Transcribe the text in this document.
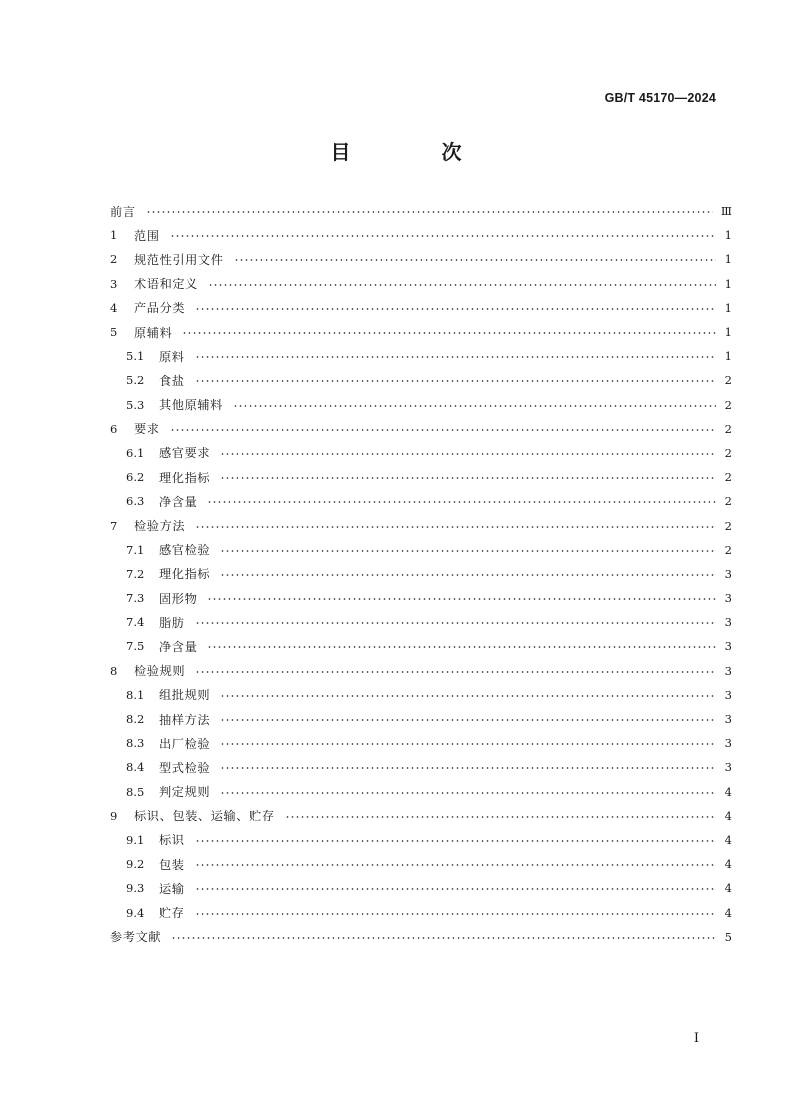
GB/T 45170—2024
目 次
前言	Ⅲ
1	范围	1
2	规范性引用文件	1
3	术语和定义	1
4	产品分类	1
5	原辅料	1
5.1	原料	1
5.2	食盐	2
5.3	其他原辅料	2
6	要求	2
6.1	感官要求	2
6.2	理化指标	2
6.3	净含量	2
7	检验方法	2
7.1	感官检验	2
7.2	理化指标	3
7.3	固形物	3
7.4	脂肪	3
7.5	净含量	3
8	检验规则	3
8.1	组批规则	3
8.2	抽样方法	3
8.3	出厂检验	3
8.4	型式检验	3
8.5	判定规则	4
9	标识、包装、运输、贮存	4
9.1	标识	4
9.2	包装	4
9.3	运输	4
9.4	贮存	4
参考文献	5
I
